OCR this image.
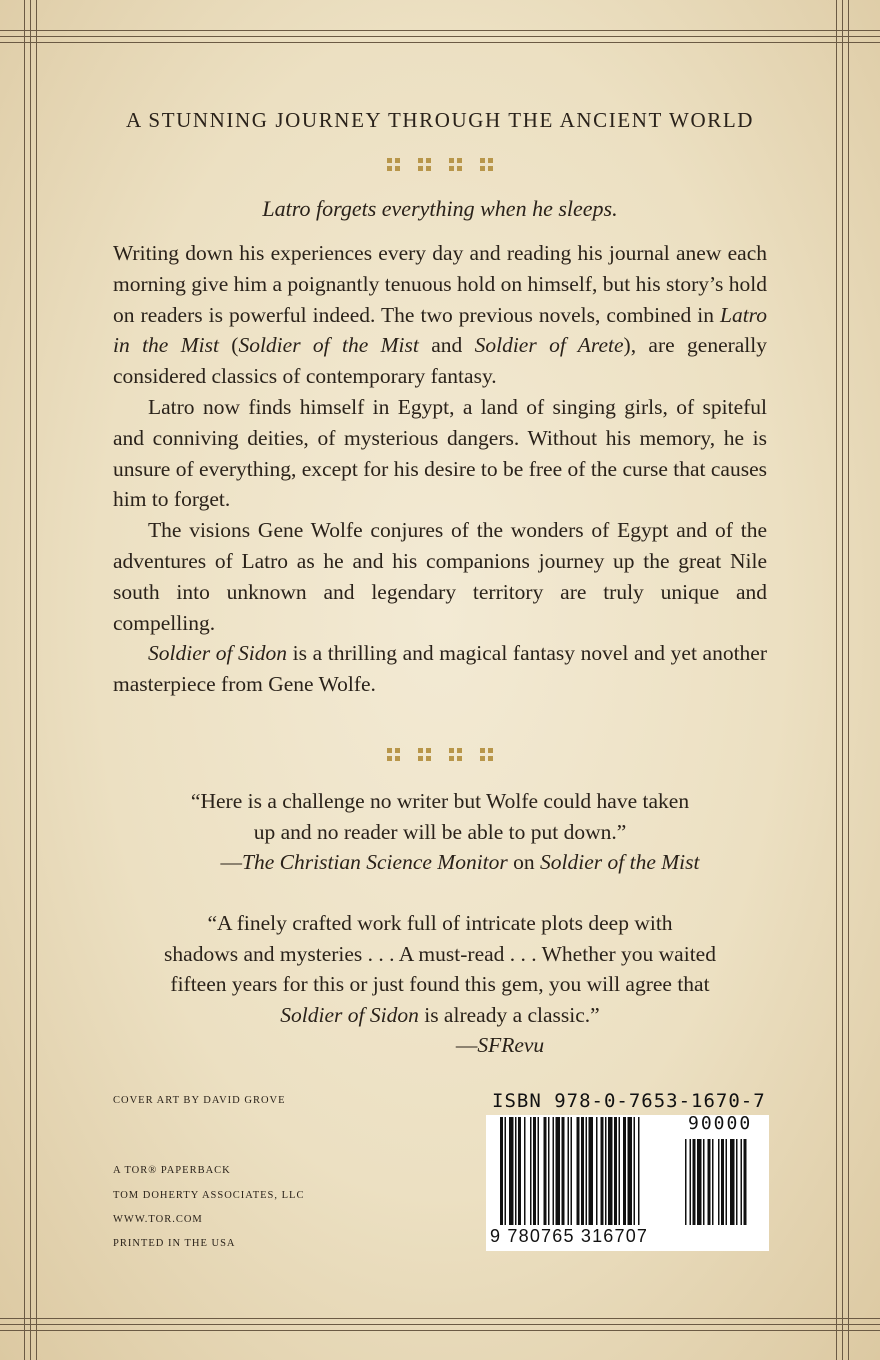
A STUNNING JOURNEY THROUGH THE ANCIENT WORLD
Latro forgets everything when he sleeps.

Writing down his experiences every day and reading his journal anew each morning give him a poignantly tenuous hold on himself, but his story’s hold on readers is powerful indeed. The two previous novels, combined in Latro in the Mist (Soldier of the Mist and Soldier of Arete), are generally considered classics of contemporary fantasy.

Latro now finds himself in Egypt, a land of singing girls, of spiteful and conniving deities, of mysterious dangers. Without his memory, he is unsure of everything, except for his desire to be free of the curse that causes him to forget.

The visions Gene Wolfe conjures of the wonders of Egypt and of the adventures of Latro as he and his companions journey up the great Nile south into unknown and legendary territory are truly unique and compelling.

Soldier of Sidon is a thrilling and magical fantasy novel and yet another masterpiece from Gene Wolfe.

“Here is a challenge no writer but Wolfe could have taken
up and no reader will be able to put down.”
—The Christian Science Monitor on Soldier of the Mist
“A finely crafted work full of intricate plots deep with
shadows and mysteries . . . A must-read . . . Whether you waited
fifteen years for this or just found this gem, you will agree that
Soldier of Sidon is already a classic.”
—SFRevu
COVER ART BY DAVID GROVE
A TOR® PAPERBACK
TOM DOHERTY ASSOCIATES, LLC
WWW.TOR.COM
PRINTED IN THE USA
ISBN 978-0-7653-1670-7
90000
9 780765 316707
